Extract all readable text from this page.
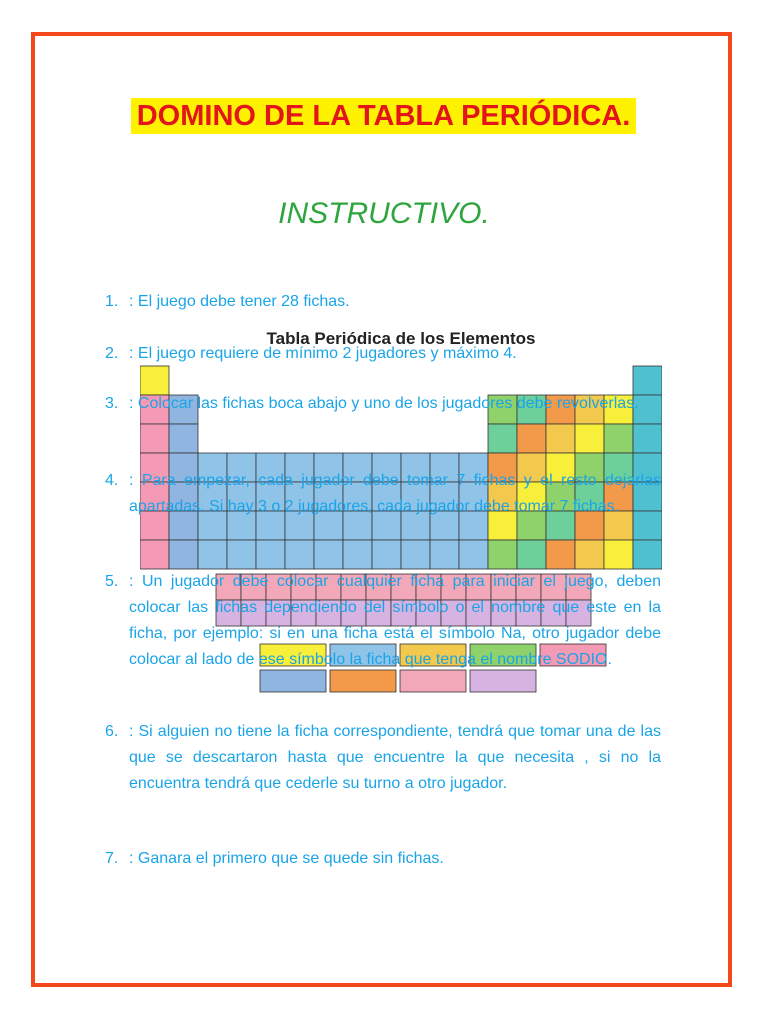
DOMINO DE LA TABLA PERIÓDICA.
INSTRUCTIVO.
Tabla Periódica de los Elementos
1. : El juego debe tener 28 fichas.
2. : El juego requiere de mínimo 2 jugadores y máximo 4.
3. : Colocar las fichas boca abajo y uno de los jugadores debe revolverlas.
4. : Para empezar, cada jugador debe tomar 7 fichas y el resto dejarlas apartadas. Si hay 3 o 2 jugadores, cada jugador debe tomar 7 fichas.
5. : Un jugador debe colocar cualquier ficha para iniciar el juego, deben colocar las fichas dependiendo del símbolo o el nombre que este en la ficha, por ejemplo: si en una ficha está el símbolo Na, otro jugador debe colocar al lado de ese símbolo la ficha que tenga el nombre SODIO.
6. : Si alguien no tiene la ficha correspondiente, tendrá que tomar una de las que se descartaron hasta que encuentre la que necesita , si no la encuentra tendrá que cederle su turno a otro jugador.
7. : Ganara el primero que se quede sin fichas.
